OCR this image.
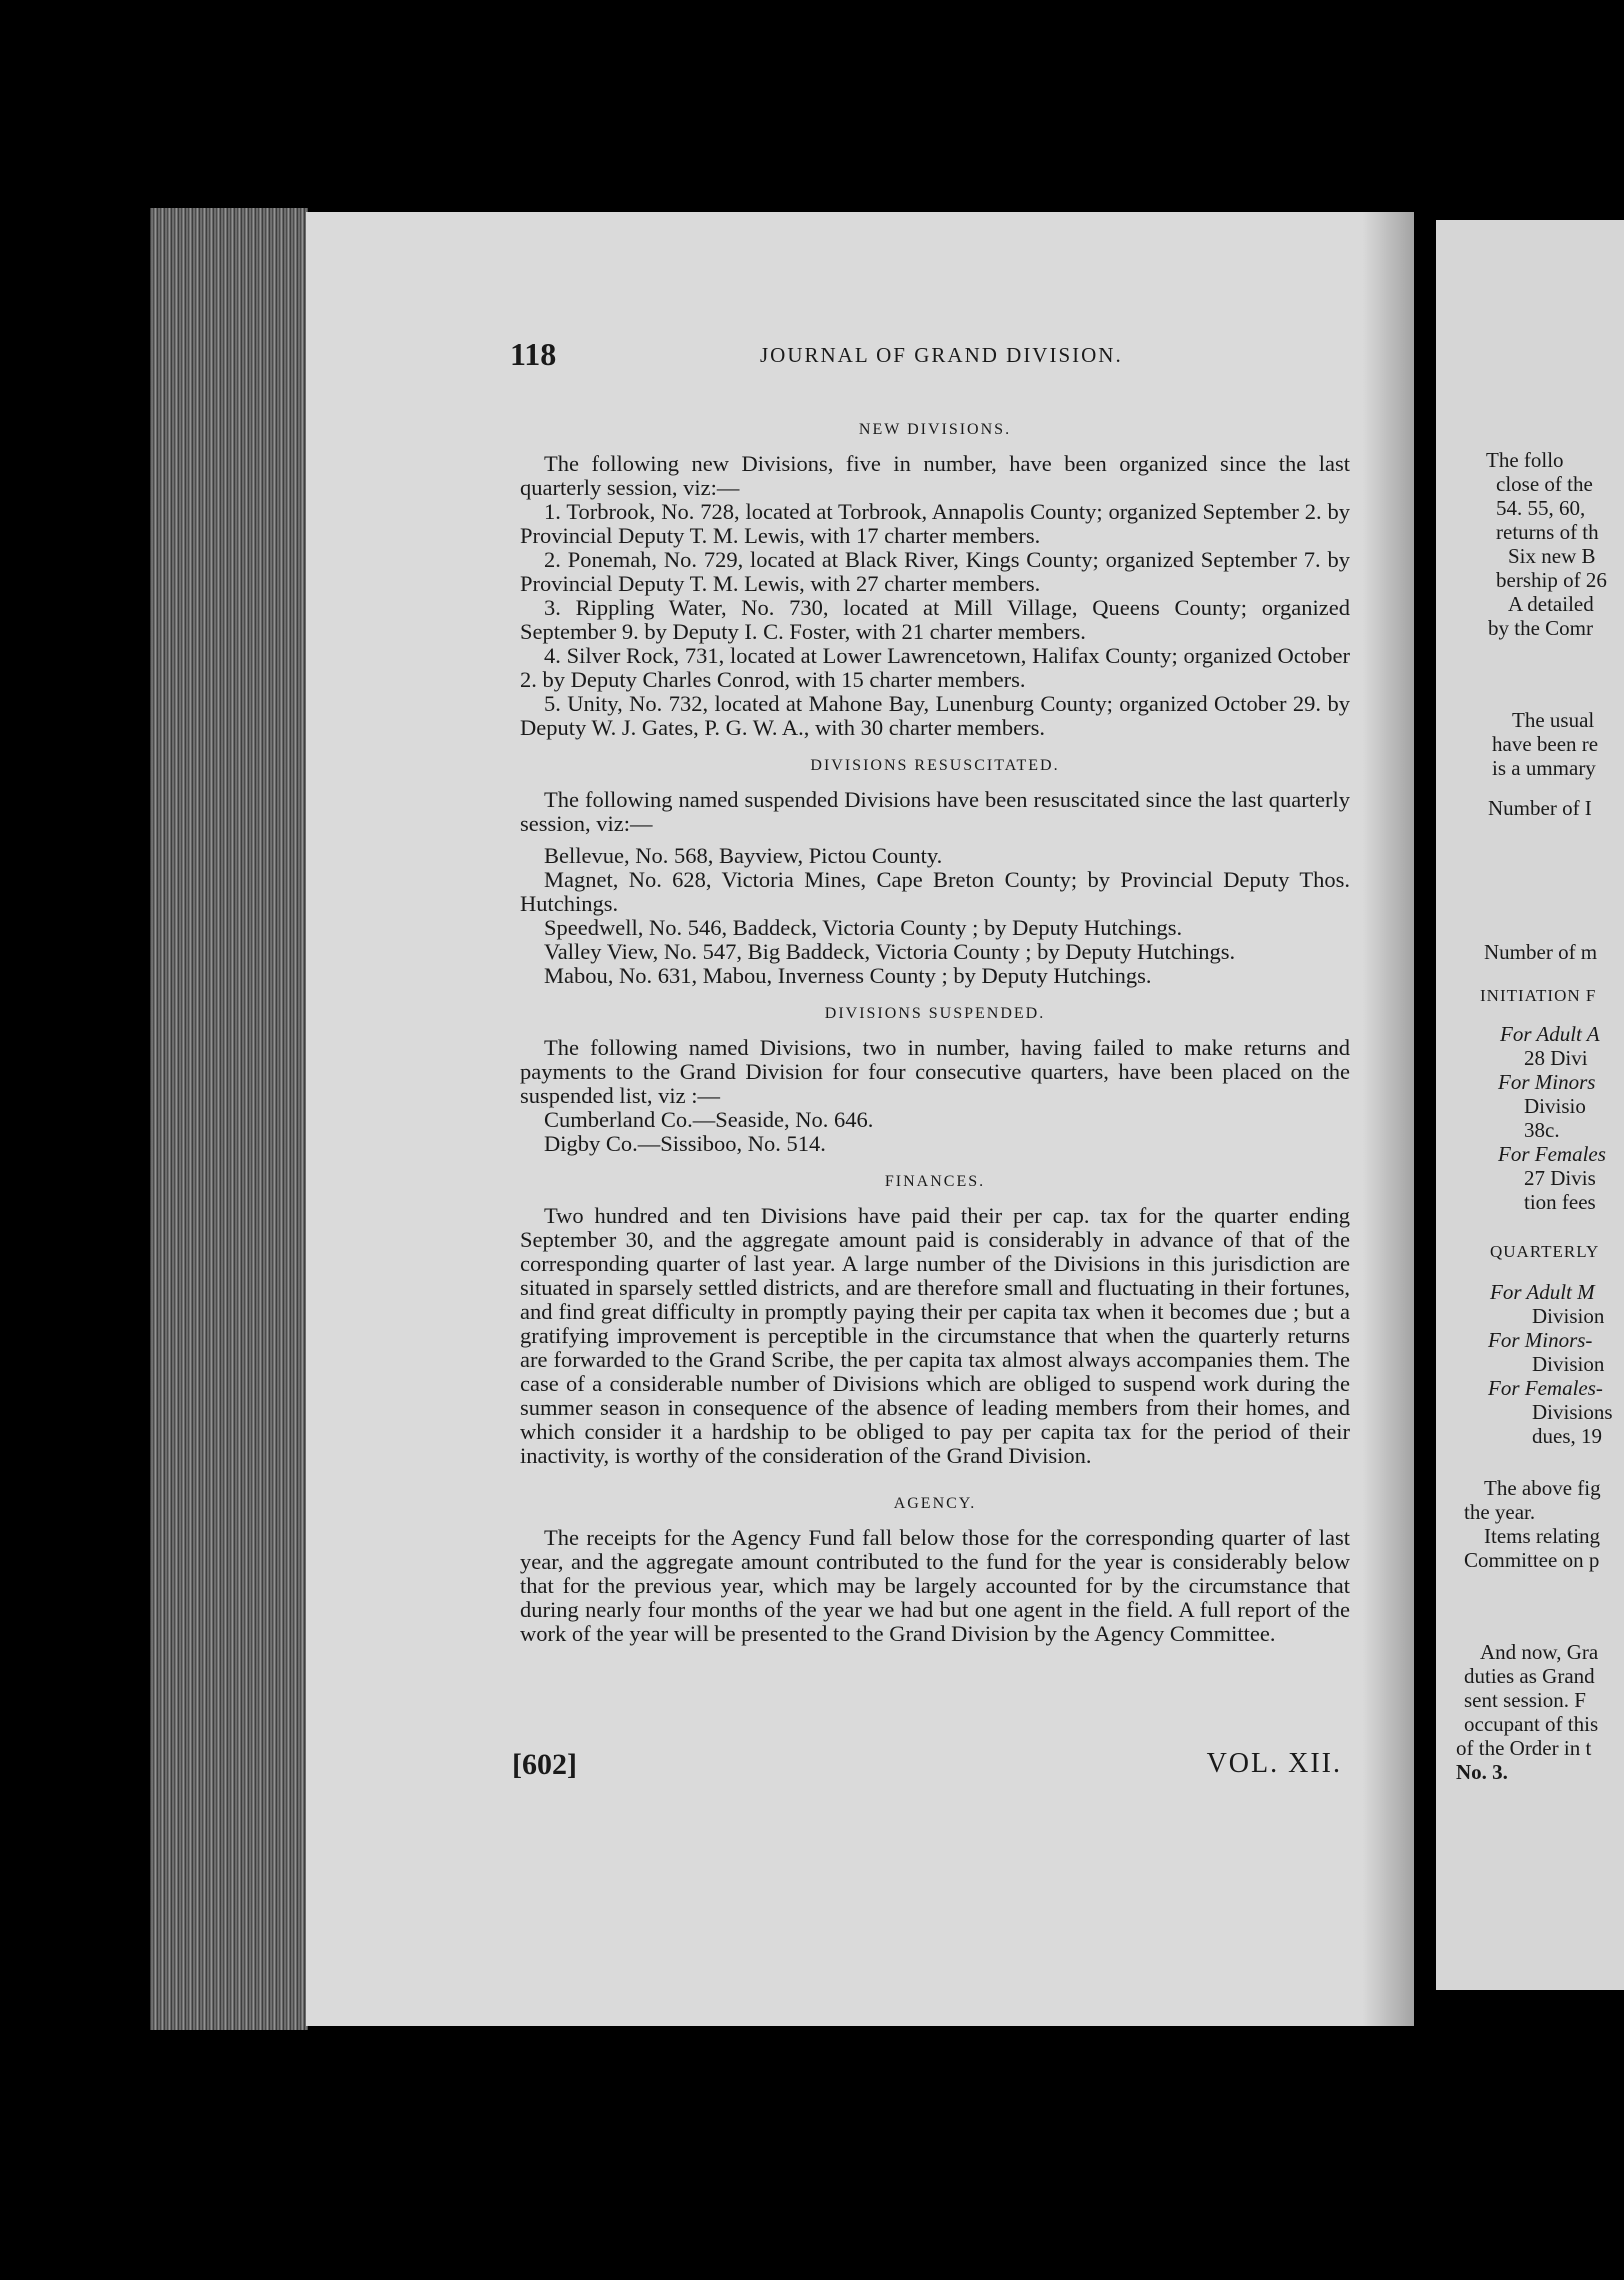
The follo
close of the
54. 55, 60,
returns of th
Six new B
bership of 26
A detailed
by the Comr
The usual
have been re
is a ummary
Number of I
Number of m
INITIATION F
For Adult A
28 Divi
For Minors
Divisio
38c.
For Females
27 Divis
tion fees
QUARTERLY
For Adult M
Division
For Minors-
Division
For Females-
Divisions
dues, 19
The above fig
the year.
Items relating
Committee on p
And now, Gra
duties as Grand
sent session. F
occupant of this
of the Order in t
No. 3.
118	JOURNAL OF GRAND DIVISION.
NEW DIVISIONS.

The following new Divisions, five in number, have been organized since the last quarterly session, viz:—

1. Torbrook, No. 728, located at Torbrook, Annapolis County; organized September 2. by Provincial Deputy T. M. Lewis, with 17 charter members.

2. Ponemah, No. 729, located at Black River, Kings County; organized September 7. by Provincial Deputy T. M. Lewis, with 27 charter members.

3. Rippling Water, No. 730, located at Mill Village, Queens County; organized September 9. by Deputy I. C. Foster, with 21 charter members.

4. Silver Rock, 731, located at Lower Lawrencetown, Halifax County; organized October 2. by Deputy Charles Conrod, with 15 charter members.

5. Unity, No. 732, located at Mahone Bay, Lunenburg County; organized October 29. by Deputy W. J. Gates, P. G. W. A., with 30 charter members.

DIVISIONS RESUSCITATED.

The following named suspended Divisions have been resuscitated since the last quarterly session, viz:—

Bellevue, No. 568, Bayview, Pictou County.

Magnet, No. 628, Victoria Mines, Cape Breton County; by Provincial Deputy Thos. Hutchings.

Speedwell, No. 546, Baddeck, Victoria County ; by Deputy Hutchings.

Valley View, No. 547, Big Baddeck, Victoria County ; by Deputy Hutchings.

Mabou, No. 631, Mabou, Inverness County ; by Deputy Hutchings.

DIVISIONS SUSPENDED.

The following named Divisions, two in number, having failed to make returns and payments to the Grand Division for four consecutive quarters, have been placed on the suspended list, viz :—

Cumberland Co.—Seaside, No. 646.

Digby Co.—Sissiboo, No. 514.

FINANCES.

Two hundred and ten Divisions have paid their per cap. tax for the quarter ending September 30, and the aggregate amount paid is considerably in advance of that of the corresponding quarter of last year. A large number of the Divisions in this jurisdiction are situated in sparsely settled districts, and are therefore small and fluctuating in their fortunes, and find great difficulty in promptly paying their per capita tax when it becomes due ; but a gratifying improvement is perceptible in the circumstance that when the quarterly returns are forwarded to the Grand Scribe, the per capita tax almost always accompanies them. The case of a considerable number of Divisions which are obliged to suspend work during the summer season in consequence of the absence of leading members from their homes, and which consider it a hardship to be obliged to pay per capita tax for the period of their inactivity, is worthy of the consideration of the Grand Division.

AGENCY.

The receipts for the Agency Fund fall below those for the corresponding quarter of last year, and the aggregate amount contributed to the fund for the year is considerably below that for the previous year, which may be largely accounted for by the circumstance that during nearly four months of the year we had but one agent in the field. A full report of the work of the year will be presented to the Grand Division by the Agency Committee.

[602]	VOL. XII.
